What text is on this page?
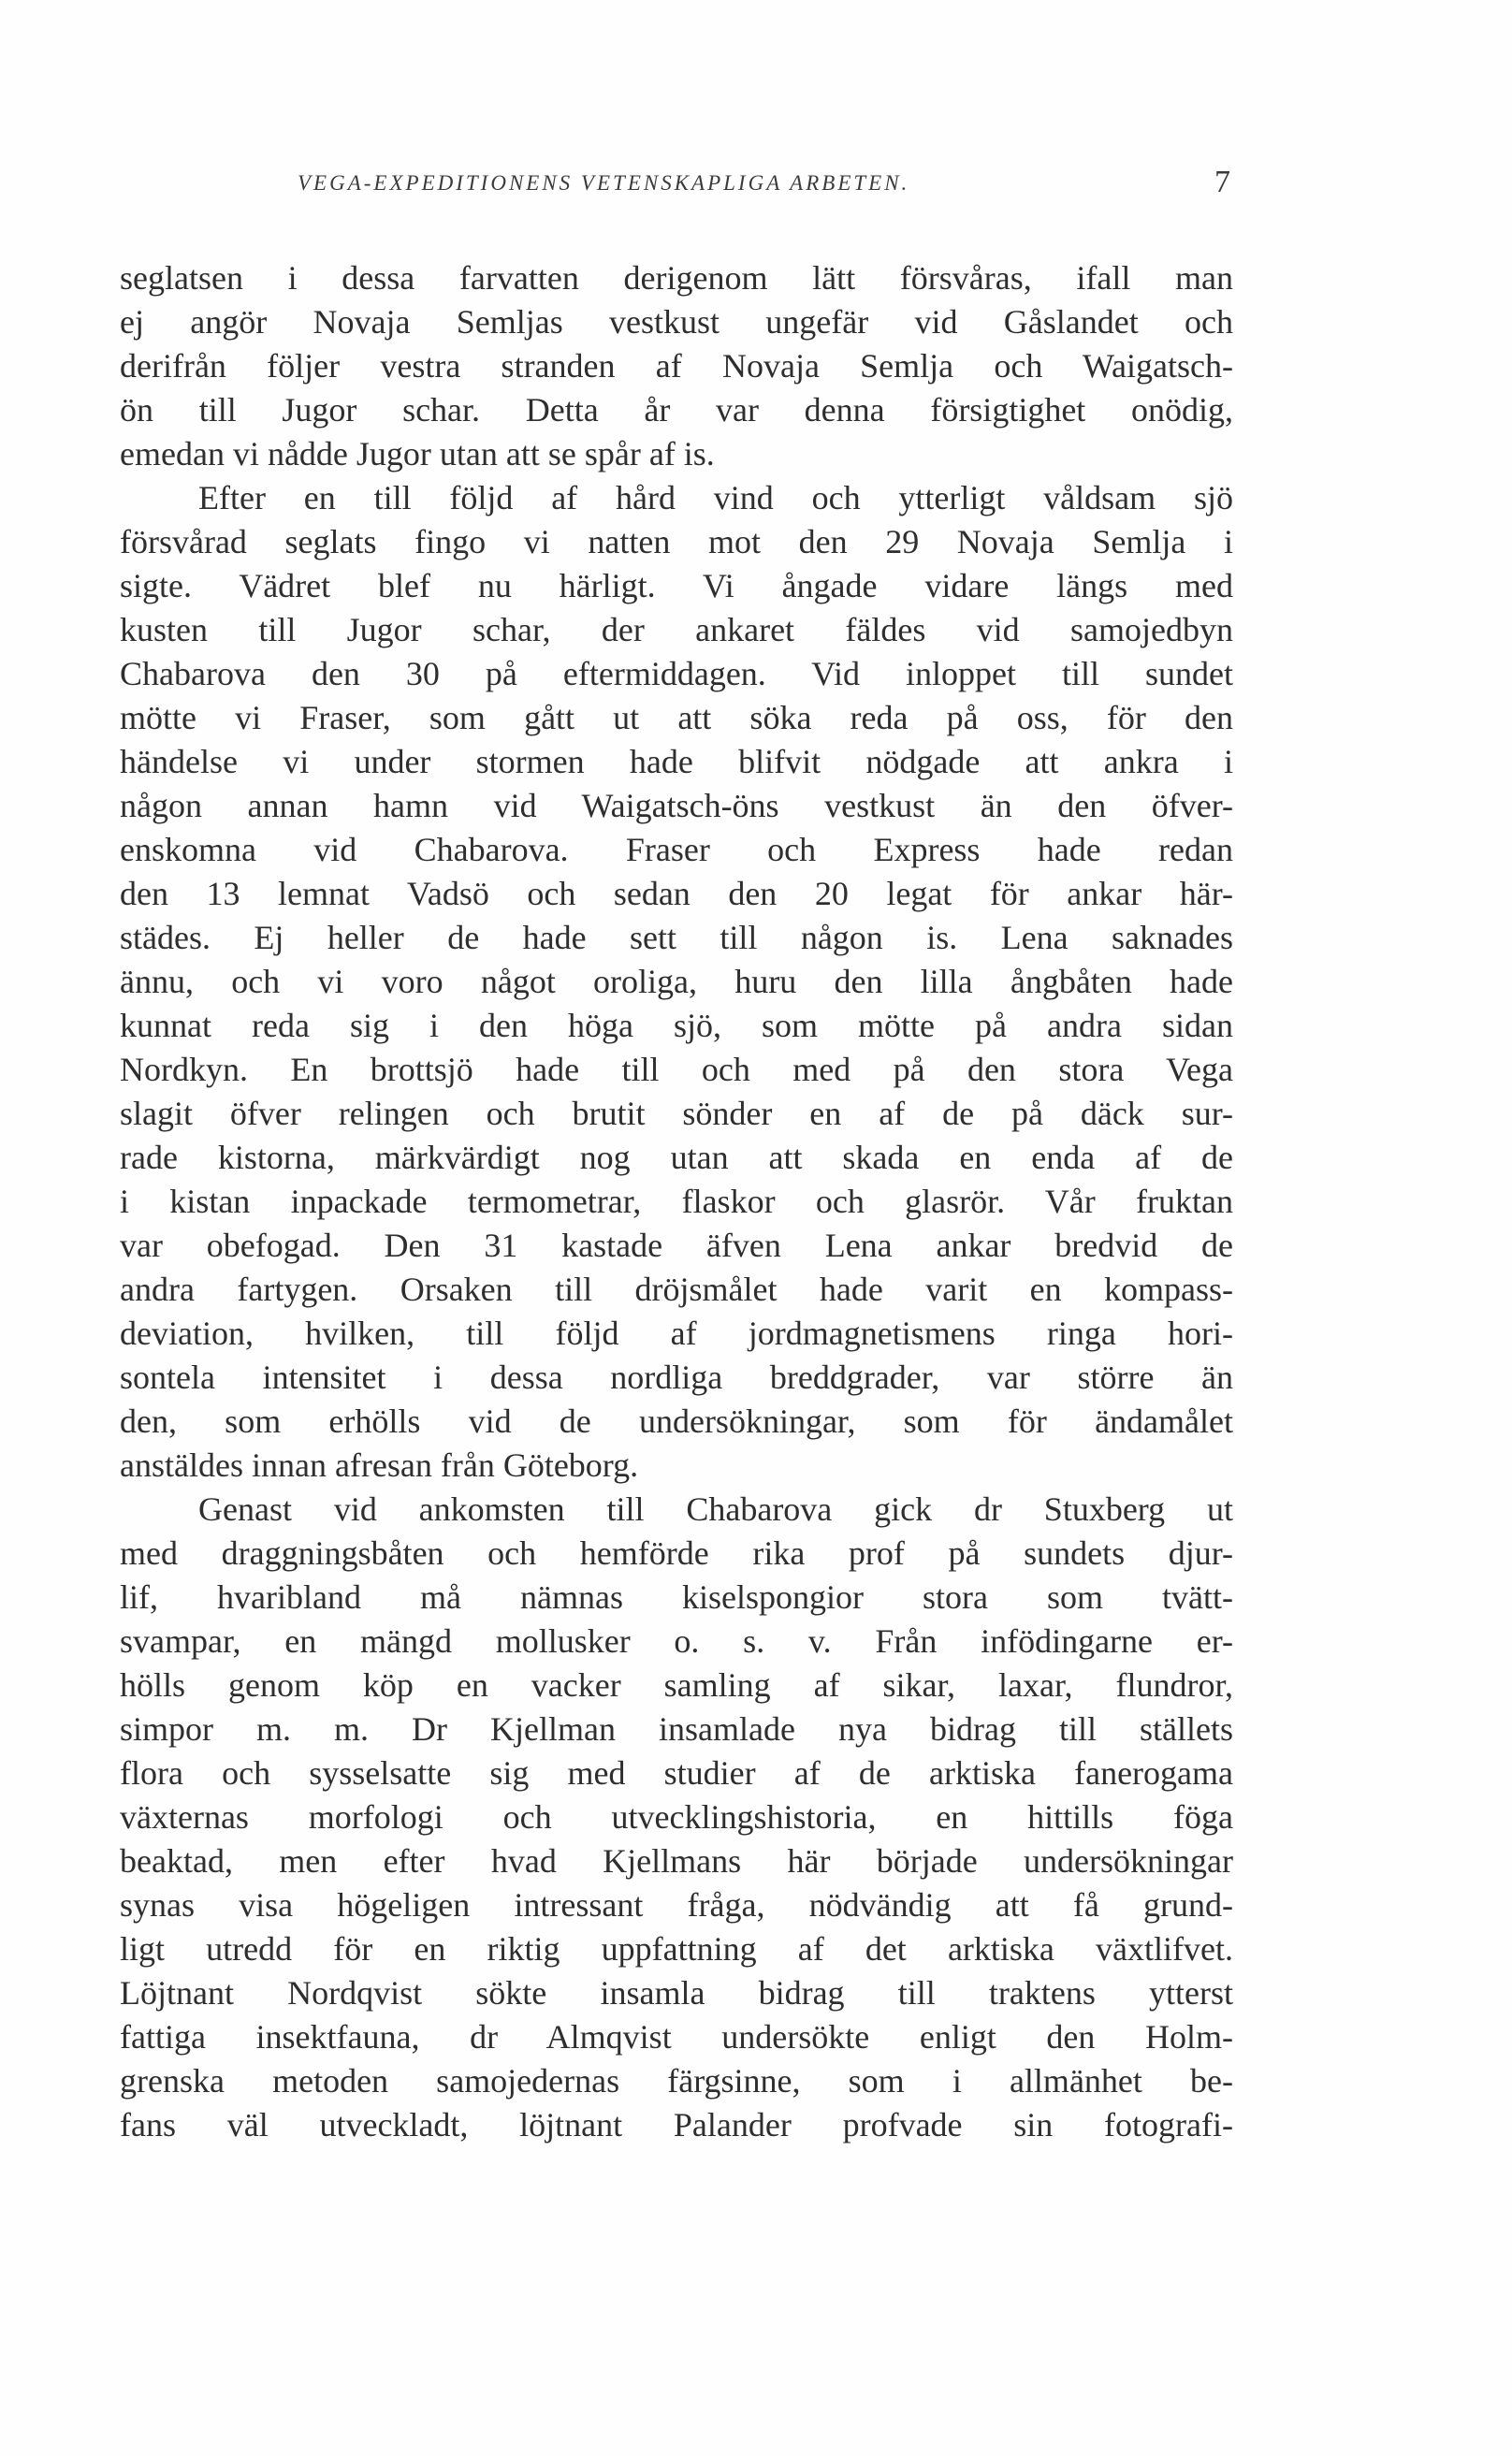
VEGA-EXPEDITIONENS VETENSKAPLIGA ARBETEN.	7
seglatsen i dessa farvatten derigenom lätt försvåras, ifall man
ej angör Novaja Semljas vestkust ungefär vid Gåslandet och
derifrån följer vestra stranden af Novaja Semlja och Waigatsch-
ön till Jugor schar. Detta år var denna försigtighet onödig,
emedan vi nådde Jugor utan att se spår af is.
Efter en till följd af hård vind och ytterligt våldsam sjö
försvårad seglats fingo vi natten mot den 29 Novaja Semlja i
sigte. Vädret blef nu härligt. Vi ångade vidare längs med
kusten till Jugor schar, der ankaret fäldes vid samojedbyn
Chabarova den 30 på eftermiddagen. Vid inloppet till sundet
mötte vi Fraser, som gått ut att söka reda på oss, för den
händelse vi under stormen hade blifvit nödgade att ankra i
någon annan hamn vid Waigatsch-öns vestkust än den öfver-
enskomna vid Chabarova. Fraser och Express hade redan
den 13 lemnat Vadsö och sedan den 20 legat för ankar här-
städes. Ej heller de hade sett till någon is. Lena saknades
ännu, och vi voro något oroliga, huru den lilla ångbåten hade
kunnat reda sig i den höga sjö, som mötte på andra sidan
Nordkyn. En brottsjö hade till och med på den stora Vega
slagit öfver relingen och brutit sönder en af de på däck sur-
rade kistorna, märkvärdigt nog utan att skada en enda af de
i kistan inpackade termometrar, flaskor och glasrör. Vår fruktan
var obefogad. Den 31 kastade äfven Lena ankar bredvid de
andra fartygen. Orsaken till dröjsmålet hade varit en kompass-
deviation, hvilken, till följd af jordmagnetismens ringa hori-
sontela intensitet i dessa nordliga breddgrader, var större än
den, som erhölls vid de undersökningar, som för ändamålet
anstäldes innan afresan från Göteborg.
Genast vid ankomsten till Chabarova gick dr Stuxberg ut
med draggningsbåten och hemförde rika prof på sundets djur-
lif, hvaribland må nämnas kiselspongior stora som tvätt-
svampar, en mängd mollusker o. s. v. Från infödingarne er-
hölls genom köp en vacker samling af sikar, laxar, flundror,
simpor m. m. Dr Kjellman insamlade nya bidrag till ställets
flora och sysselsatte sig med studier af de arktiska fanerogama
växternas morfologi och utvecklingshistoria, en hittills föga
beaktad, men efter hvad Kjellmans här började undersökningar
synas visa högeligen intressant fråga, nödvändig att få grund-
ligt utredd för en riktig uppfattning af det arktiska växtlifvet.
Löjtnant Nordqvist sökte insamla bidrag till traktens ytterst
fattiga insektfauna, dr Almqvist undersökte enligt den Holm-
grenska metoden samojedernas färgsinne, som i allmänhet be-
fans väl utveckladt, löjtnant Palander profvade sin fotografi-
